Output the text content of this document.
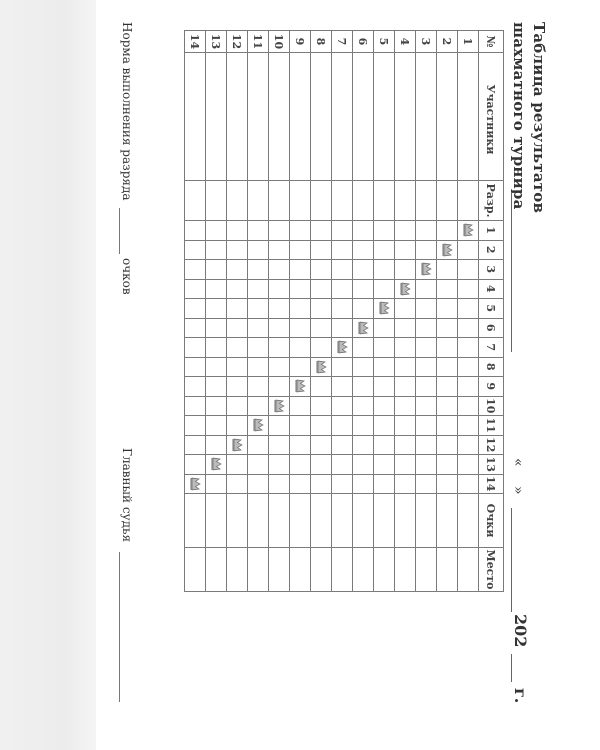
Таблица результатов
шахматного турнира
«
»
202
г.
№	Участники	Разр.	1	2	3	4	5	6	7	8	9	10	11	12	13	14	Очки	Место
1																		
2																		
3																		
4																		
5																		
6																		
7																		
8																		
9																		
10																		
11																		
12																		
13																		
14																		
Норма выполнения разряда
очков
Главный судья
